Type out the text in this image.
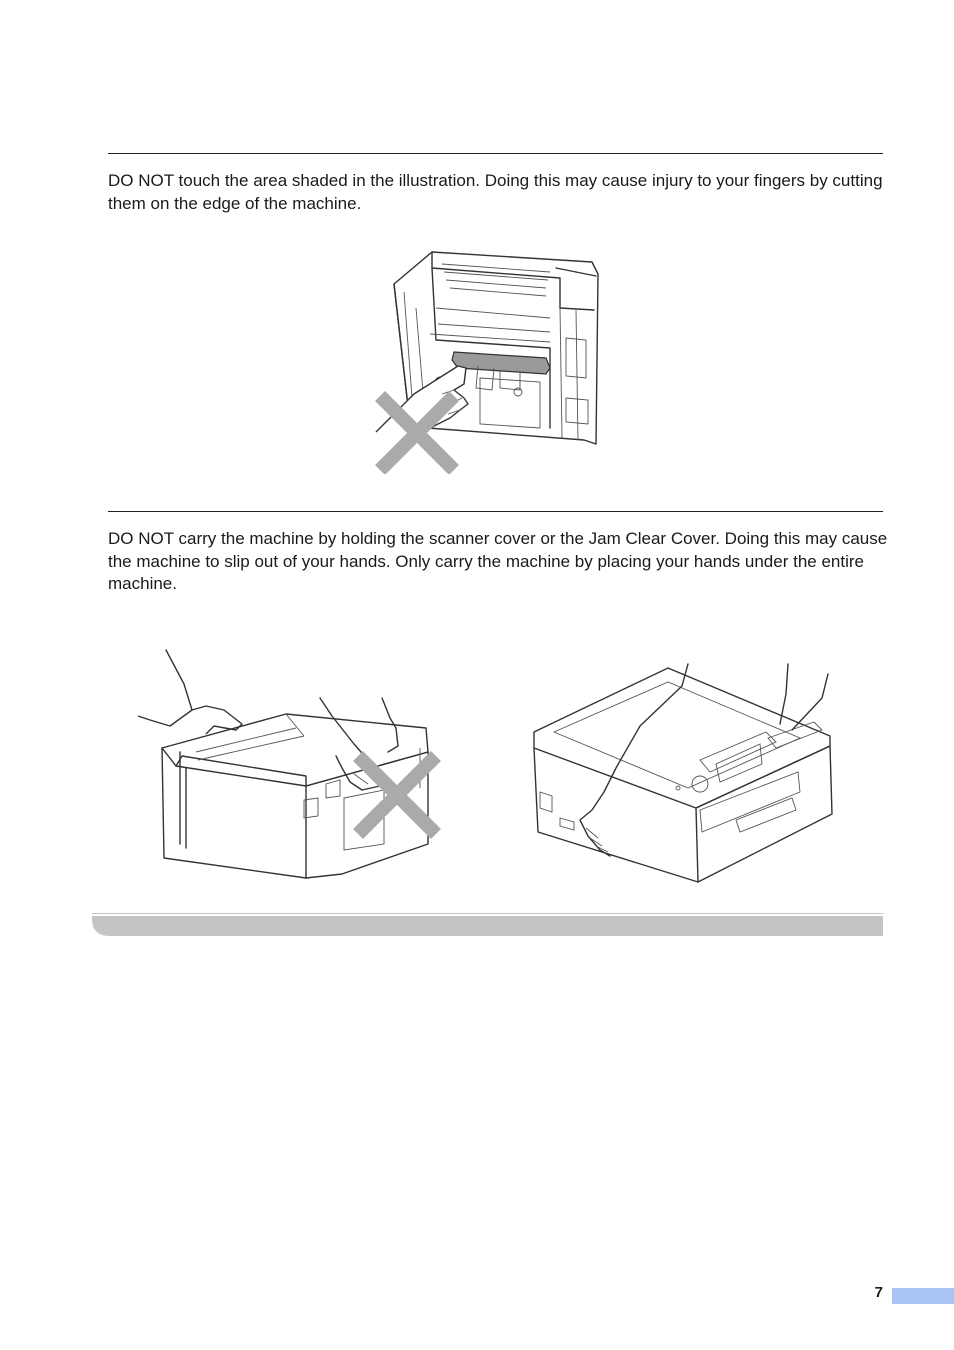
DO NOT touch the area shaded in the illustration. Doing this may cause injury to your fingers by cutting them on the edge of the machine.

DO NOT carry the machine by holding the scanner cover or the Jam Clear Cover. Doing this may cause the machine to slip out of your hands. Only carry the machine by placing your hands under the entire machine.

7
